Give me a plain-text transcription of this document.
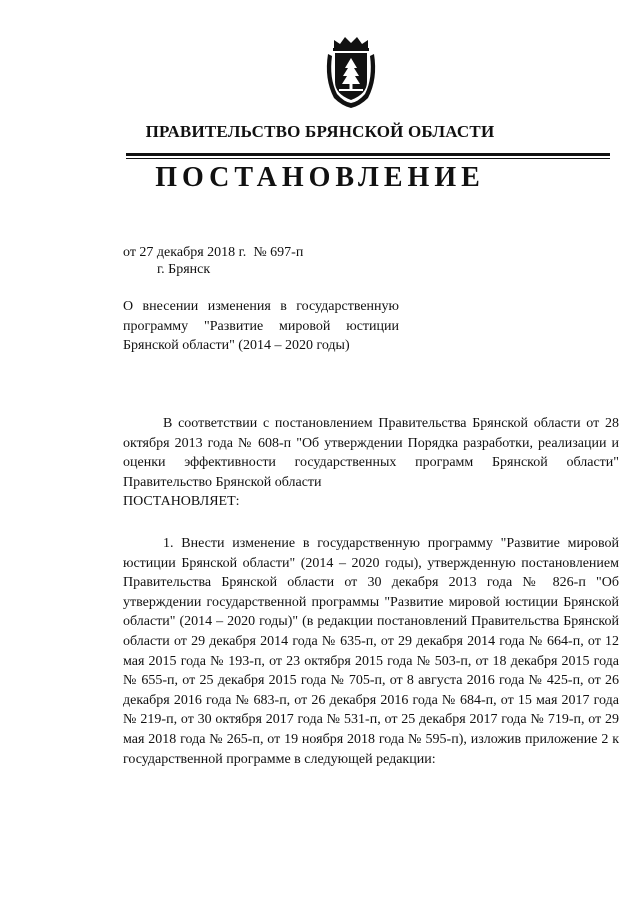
ПРАВИТЕЛЬСТВО БРЯНСКОЙ ОБЛАСТИ
ПОСТАНОВЛЕНИЕ
от 27 декабря 2018 г. № 697-п
г. Брянск
О внесении изменения в государственную программу "Развитие мировой юстиции Брянской области" (2014 – 2020 годы)

В соответствии с постановлением Правительства Брянской области от 28 октября 2013 года № 608-п "Об утверждении Порядка разработки, реализации и оценки эффективности государственных программ Брянской области" Правительство Брянской области

ПОСТАНОВЛЯЕТ:

1. Внести изменение в государственную программу "Развитие мировой юстиции Брянской области" (2014 – 2020 годы), утвержденную постановлением Правительства Брянской области от 30 декабря 2013 года № 826-п "Об утверждении государственной программы "Развитие мировой юстиции Брянской области" (2014 – 2020 годы)" (в редакции постановлений Правительства Брянской области от 29 декабря 2014 года № 635-п, от 29 декабря 2014 года № 664-п, от 12 мая 2015 года № 193-п, от 23 октября 2015 года № 503-п, от 18 декабря 2015 года № 655-п, от 25 декабря 2015 года № 705-п, от 8 августа 2016 года № 425-п, от 26 декабря 2016 года № 683-п, от 26 декабря 2016 года № 684-п, от 15 мая 2017 года № 219-п, от 30 октября 2017 года № 531-п, от 25 декабря 2017 года № 719-п, от 29 мая 2018 года № 265-п, от 19 ноября 2018 года № 595-п), изложив приложение 2 к государственной программе в следующей редакции:
